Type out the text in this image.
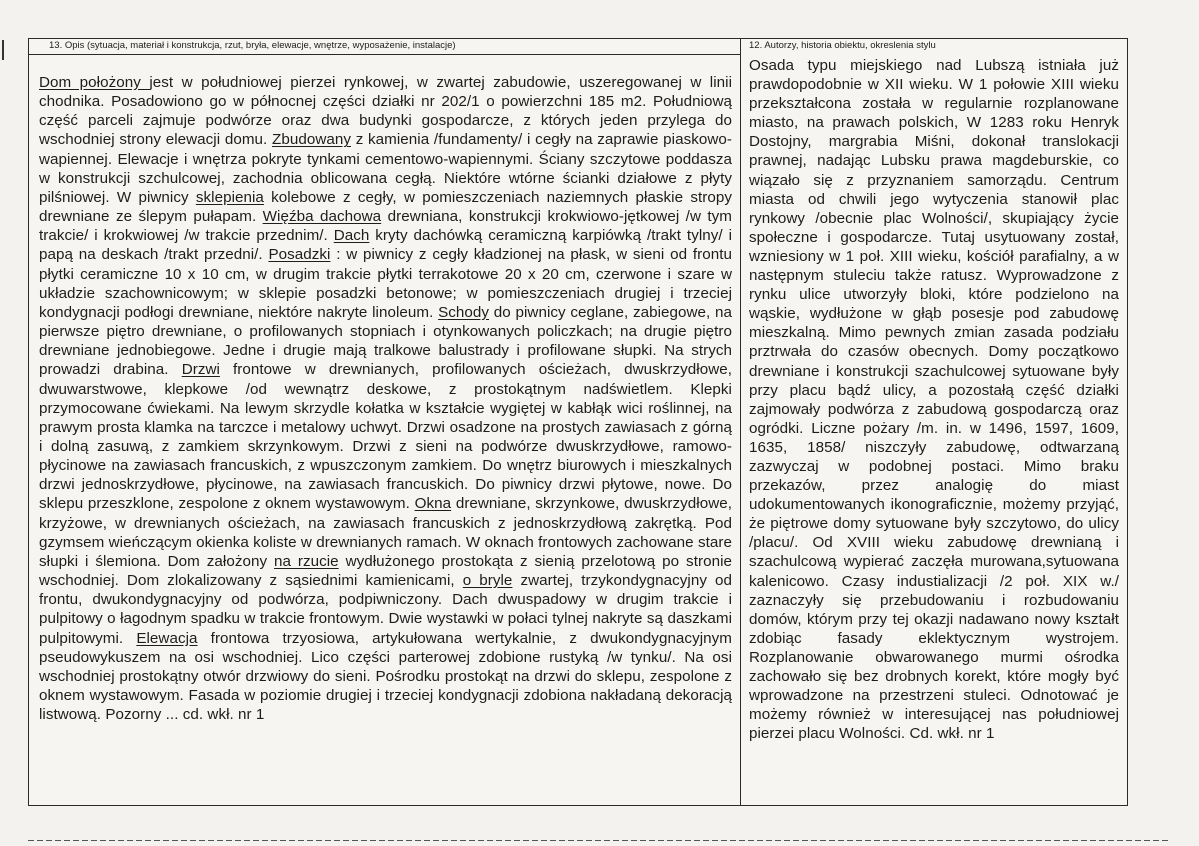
13. Opis (sytuacja, materiał i konstrukcja, rzut, bryła, elewacje, wnętrze, wyposażenie, instalacje)
Dom położony jest w południowej pierzei rynkowej, w zwartej zabudowie, uszeregowanej w linii chodnika. Posadowiono go w północnej części działki nr 202/1 o powierzchni 185 m2. Południową część parceli zajmuje podwórze oraz dwa budynki gospodarcze, z których jeden przylega do wschodniej strony elewacji domu. Zbudowany z kamienia /fundamenty/ i cegły na zaprawie piaskowo-wapiennej. Elewacje i wnętrza pokryte tynkami cementowo-wapiennymi. Ściany szczytowe poddasza w konstrukcji szchulcowej, zachodnia oblicowana cegłą. Niektóre wtórne ścianki działowe z płyty pilśniowej. W piwnicy sklepienia kolebowe z cegły, w pomieszczeniach naziemnych płaskie stropy drewniane ze ślepym pułapam. Więźba dachowa drewniana, konstrukcji krokwiowo-jętkowej /w tym trakcie/ i krokwiowej /w trakcie przednim/. Dach kryty dachówką ceramiczną karpiówką /trakt tylny/ i papą na deskach /trakt przedni/. Posadzki : w piwnicy z cegły kładzionej na płask, w sieni od frontu płytki ceramiczne 10 x 10 cm, w drugim trakcie płytki terrakotowe 20 x 20 cm, czerwone i szare w układzie szachownicowym; w sklepie posadzki betonowe; w pomieszczeniach drugiej i trzeciej kondygnacji podłogi drewniane, niektóre nakryte linoleum. Schody do piwnicy ceglane, zabiegowe, na pierwsze piętro drewniane, o profilowanych stopniach i otynkowanych policzkach; na drugie piętro drewniane jednobiegowe. Jedne i drugie mają tralkowe balustrady i profilowane słupki. Na strych prowadzi drabina. Drzwi frontowe w drewnianych, profilowanych ościeżach, dwuskrzydłowe, dwuwarstwowe, klepkowe /od wewnątrz deskowe, z prostokątnym nadświetlem. Klepki przymocowane ćwiekami. Na lewym skrzydle kołatka w kształcie wygiętej w kabłąk wici roślinnej, na prawym prosta klamka na tarczce i metalowy uchwyt. Drzwi osadzone na prostych zawiasach z górną i dolną zasuwą, z zamkiem skrzynkowym. Drzwi z sieni na podwórze dwuskrzydłowe, ramowo- płycinowe na zawiasach francuskich, z wpuszczonym zamkiem. Do wnętrz biurowych i mieszkalnych drzwi jednoskrzydłowe, płycinowe, na zawiasach francuskich. Do piwnicy drzwi płytowe, nowe. Do sklepu przeszklone, zespolone z oknem wystawowym. Okna drewniane, skrzynkowe, dwuskrzydłowe, krzyżowe, w drewnianych ościeżach, na zawiasach francuskich z jednoskrzydłową zakrętką. Pod gzymsem wieńczącym okienka koliste w drewnianych ramach. W oknach frontowych zachowane stare słupki i ślemiona. Dom założony na rzucie wydłużonego prostokąta z sienią przelotową po stronie wschodniej. Dom zlokalizowany z sąsiednimi kamienicami, o bryle zwartej, trzykondygnacyjny od frontu, dwukondygnacyjny od podwórza, podpiwniczony. Dach dwuspadowy w drugim trakcie i pulpitowy o łagodnym spadku w trakcie frontowym. Dwie wystawki w połaci tylnej nakryte są daszkami pulpitowymi. Elewacja frontowa trzyosiowa, artykułowana wertykalnie, z dwukondygnacyjnym pseudowykuszem na osi wschodniej. Lico części parterowej zdobione rustyką /w tynku/. Na osi wschodniej prostokątny otwór drzwiowy do sieni. Pośrodku prostokąt na drzwi do sklepu, zespolone z oknem wystawowym. Fasada w poziomie drugiej i trzeciej kondygnacji zdobiona nakładaną dekoracją listwową. Pozorny ... cd. wkł. nr 1
12. Autorzy, historia obiektu, okreslenia stylu
Osada typu miejskiego nad Lubszą istniała już prawdopodobnie w XII wieku. W 1 połowie XIII wieku przekształcona została w regularnie rozplanowane miasto, na prawach polskich, W 1283 roku Henryk Dostojny, margrabia Miśni, dokonał translokacji prawnej, nadając Lubsku prawa magdeburskie, co wiązało się z przyznaniem samorządu. Centrum miasta od chwili jego wytyczenia stanowił plac rynkowy /obecnie plac Wolności/, skupiający życie społeczne i gospodarcze. Tutaj usytuowany został, wzniesiony w 1 poł. XIII wieku, kościół parafialny, a w następnym stuleciu także ratusz. Wyprowadzone z rynku ulice utworzyły bloki, które podzielono na wąskie, wydłużone w głąb posesje pod zabudowę mieszkalną. Mimo pewnych zmian zasada podziału prztrwała do czasów obecnych. Domy początkowo drewniane i konstrukcji szachulcowej sytuowane były przy placu bądź ulicy, a pozostałą część działki zajmowały podwórza z zabudową gospodarczą oraz ogródki. Liczne pożary /m. in. w 1496, 1597, 1609, 1635, 1858/ niszczyły zabudowę, odtwarzaną zazwyczaj w podobnej postaci. Mimo braku przekazów, przez analogię do miast udokumentowanych ikonograficznie, możemy przyjąć, że piętrowe domy sytuowane były szczytowo, do ulicy /placu/. Od XVIII wieku zabudowę drewnianą i szachulcową wypierać zaczęła murowana,sytuowana kalenicowo. Czasy industializacji /2 poł. XIX w./ zaznaczyły się przebudowaniu i rozbudowaniu domów, którym przy tej okazji nadawano nowy kształt zdobiąc fasady eklektycznym wystrojem. Rozplanowanie obwarowanego murmi ośrodka zachowało się bez drobnych korekt, które mogły być wprowadzone na przestrzeni stuleci. Odnotować je możemy również w interesującej nas południowej pierzei placu Wolności. Cd. wkł. nr 1
